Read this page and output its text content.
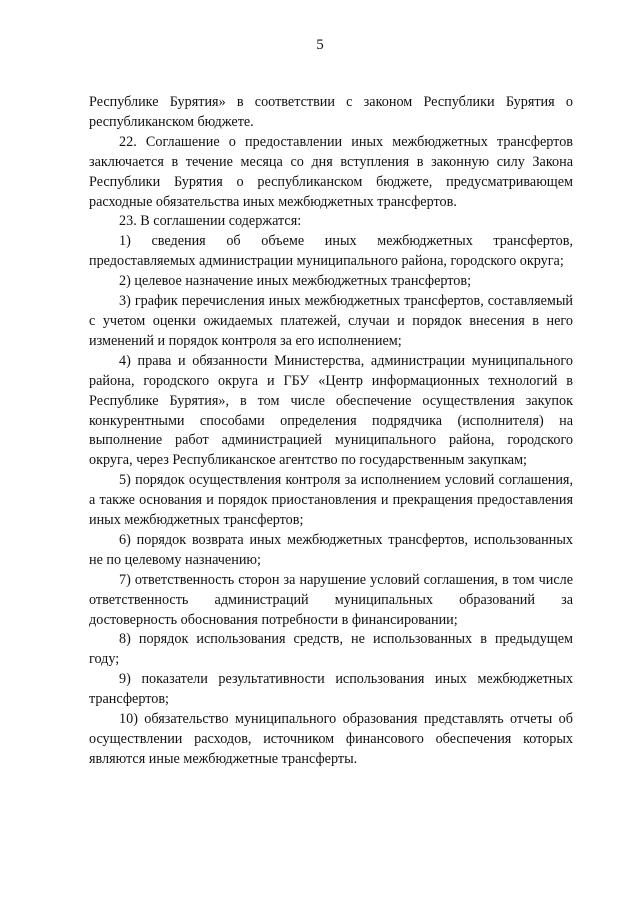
5

Республике Бурятия» в соответствии с законом Республики Бурятия о республиканском бюджете.

22. Соглашение о предоставлении иных межбюджетных трансфертов заключается в течение месяца со дня вступления в законную силу Закона Республики Бурятия о республиканском бюджете, предусматривающем расходные обязательства иных межбюджетных трансфертов.

23. В соглашении содержатся:

1) сведения об объеме иных межбюджетных трансфертов, предоставляемых администрации муниципального района, городского округа;

2) целевое назначение иных межбюджетных трансфертов;

3) график перечисления иных межбюджетных трансфертов, составляемый с учетом оценки ожидаемых платежей, случаи и порядок внесения в него изменений и порядок контроля за его исполнением;

4) права и обязанности Министерства, администрации муниципального района, городского округа и ГБУ «Центр информационных технологий в Республике Бурятия», в том числе обеспечение осуществления закупок конкурентными способами определения подрядчика (исполнителя) на выполнение работ администрацией муниципального района, городского округа, через Республиканское агентство по государственным закупкам;

5) порядок осуществления контроля за исполнением условий соглашения, а также основания и порядок приостановления и прекращения предоставления иных межбюджетных трансфертов;

6) порядок возврата иных межбюджетных трансфертов, использованных не по целевому назначению;

7) ответственность сторон за нарушение условий соглашения, в том числе ответственность администраций муниципальных образований за достоверность обоснования потребности в финансировании;

8) порядок использования средств, не использованных в предыдущем году;

9) показатели результативности использования иных межбюджетных трансфертов;

10) обязательство муниципального образования представлять отчеты об осуществлении расходов, источником финансового обеспечения которых являются иные межбюджетные трансферты.
